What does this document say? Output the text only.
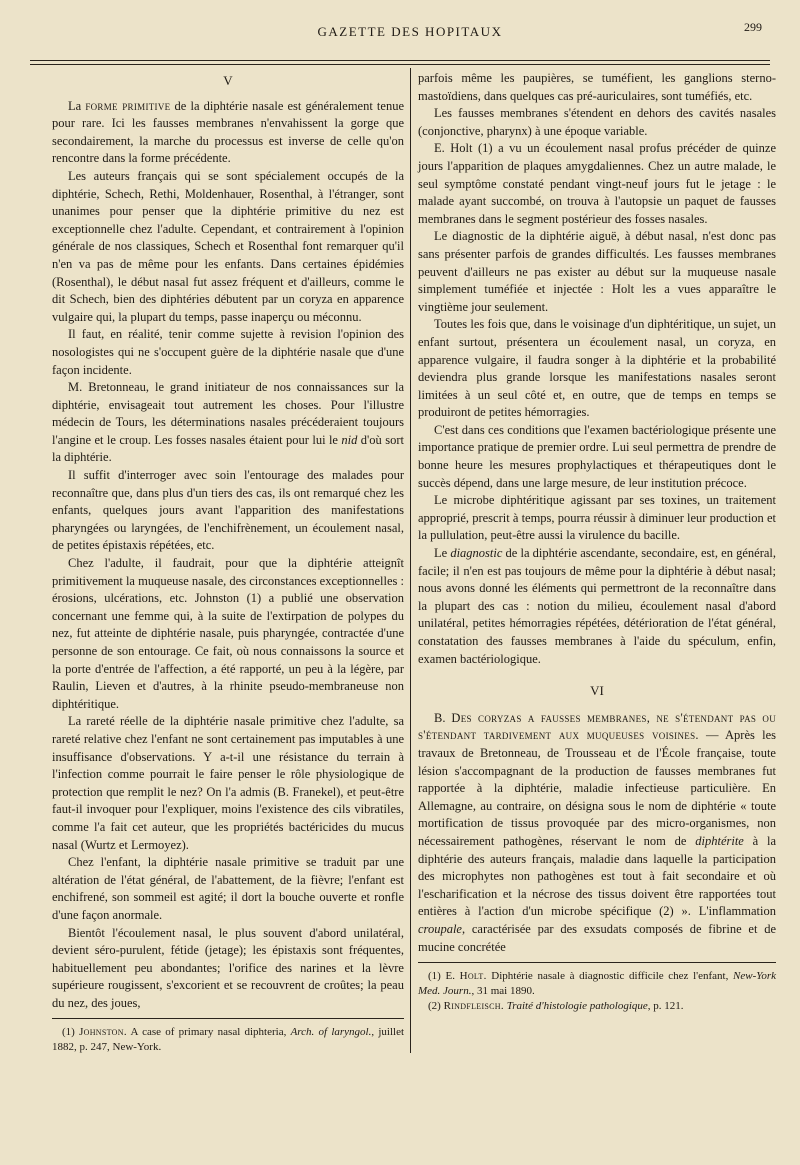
GAZETTE DES HOPITAUX	299
V

La forme primitive de la diphtérie nasale est généralement tenue pour rare. Ici les fausses membranes n'envahissent la gorge que secondairement, la marche du processus est inverse de celle qu'on rencontre dans la forme précédente.

Les auteurs français qui se sont spécialement occupés de la diphtérie, Schech, Rethi, Moldenhauer, Rosenthal, à l'étranger, sont unanimes pour penser que la diphtérie primitive du nez est exceptionnelle chez l'adulte. Cependant, et contrairement à l'opinion générale de nos classiques, Schech et Rosenthal font remarquer qu'il n'en va pas de même pour les enfants. Dans certaines épidémies (Rosenthal), le début nasal fut assez fréquent et d'ailleurs, comme le dit Schech, bien des diphtéries débutent par un coryza en apparence vulgaire qui, la plupart du temps, passe inaperçu ou méconnu.

Il faut, en réalité, tenir comme sujette à revision l'opinion des nosologistes qui ne s'occupent guère de la diphtérie nasale que d'une façon incidente.

M. Bretonneau, le grand initiateur de nos connaissances sur la diphtérie, envisageait tout autrement les choses. Pour l'illustre médecin de Tours, les déterminations nasales précéderaient toujours l'angine et le croup. Les fosses nasales étaient pour lui le nid d'où sort la diphtérie.

Il suffit d'interroger avec soin l'entourage des malades pour reconnaître que, dans plus d'un tiers des cas, ils ont remarqué chez les enfants, quelques jours avant l'apparition des manifestations pharyngées ou laryngées, de l'enchifrènement, un écoulement nasal, de petites épistaxis répétées, etc.

Chez l'adulte, il faudrait, pour que la diphtérie atteignît primitivement la muqueuse nasale, des circonstances exceptionnelles : érosions, ulcérations, etc. Johnston (1) a publié une observation concernant une femme qui, à la suite de l'extirpation de polypes du nez, fut atteinte de diphtérie nasale, puis pharyngée, contractée d'une personne de son entourage. Ce fait, où nous connaissons la source et la porte d'entrée de l'affection, a été rapporté, un peu à la légère, par Raulin, Lieven et d'autres, à la rhinite pseudo-membraneuse non diphtéritique.

La rareté réelle de la diphtérie nasale primitive chez l'adulte, sa rareté relative chez l'enfant ne sont certainement pas imputables à une insuffisance d'observations. Y a-t-il une résistance du terrain à l'infection comme pourrait le faire penser le rôle physiologique de protection que remplit le nez? On l'a admis (B. Franekel), et peut-être faut-il invoquer pour l'expliquer, moins l'existence des cils vibratiles, comme l'a fait cet auteur, que les propriétés bactéricides du mucus nasal (Wurtz et Lermoyez).

Chez l'enfant, la diphtérie nasale primitive se traduit par une altération de l'état général, de l'abattement, de la fièvre; l'enfant est enchifrené, son sommeil est agité; il dort la bouche ouverte et ronfle d'une façon anormale.

Bientôt l'écoulement nasal, le plus souvent d'abord unilatéral, devient séro-purulent, fétide (jetage); les épistaxis sont fréquentes, habituellement peu abondantes; l'orifice des narines et la lèvre supérieure rougissent, s'excorient et se recouvrent de croûtes; la peau du nez, des joues,

(1) Johnston. A case of primary nasal diphteria, Arch. of laryngol., juillet 1882, p. 247, New-York.

parfois même les paupières, se tuméfient, les ganglions sterno-mastoïdiens, dans quelques cas pré-auriculaires, sont tuméfiés, etc.

Les fausses membranes s'étendent en dehors des cavités nasales (conjonctive, pharynx) à une époque variable.

E. Holt (1) a vu un écoulement nasal profus précéder de quinze jours l'apparition de plaques amygdaliennes. Chez un autre malade, le seul symptôme constaté pendant vingt-neuf jours fut le jetage : le malade ayant succombé, on trouva à l'autopsie un paquet de fausses membranes dans le segment postérieur des fosses nasales.

Le diagnostic de la diphtérie aiguë, à début nasal, n'est donc pas sans présenter parfois de grandes difficultés. Les fausses membranes peuvent d'ailleurs ne pas exister au début sur la muqueuse nasale simplement tuméfiée et injectée : Holt les a vues apparaître le vingtième jour seulement.

Toutes les fois que, dans le voisinage d'un diphtéritique, un sujet, un enfant surtout, présentera un écoulement nasal, un coryza, en apparence vulgaire, il faudra songer à la diphtérie et la probabilité deviendra plus grande lorsque les manifestations nasales seront limitées à un seul côté et, en outre, que de temps en temps se produiront de petites hémorragies.

C'est dans ces conditions que l'examen bactériologique présente une importance pratique de premier ordre. Lui seul permettra de prendre de bonne heure les mesures prophylactiques et thérapeutiques dont le succès dépend, dans une large mesure, de leur institution précoce.

Le microbe diphtéritique agissant par ses toxines, un traitement approprié, prescrit à temps, pourra réussir à diminuer leur production et la pullulation, peut-être aussi la virulence du bacille.

Le diagnostic de la diphtérie ascendante, secondaire, est, en général, facile; il n'en est pas toujours de même pour la diphtérie à début nasal; nous avons donné les éléments qui permettront de la reconnaître dans la plupart des cas : notion du milieu, écoulement nasal d'abord unilatéral, petites hémorragies répétées, détérioration de l'état général, constatation des fausses membranes à l'aide du spéculum, enfin, examen bactériologique.

VI

B. Des coryzas a fausses membranes, ne s'étendant pas ou s'étendant tardivement aux muqueuses voisines. — Après les travaux de Bretonneau, de Trousseau et de l'École française, toute lésion s'accompagnant de la production de fausses membranes fut rapportée à la diphtérie, maladie infectieuse particulière. En Allemagne, au contraire, on désigna sous le nom de diphtérie « toute mortification de tissus provoquée par des micro-organismes, non nécessairement pathogènes, réservant le nom de diphtérite à la diphtérie des auteurs français, maladie dans laquelle la participation des microphytes non pathogènes est tout à fait secondaire et où l'escharification et la nécrose des tissus doivent être rapportées tout entières à l'action d'un microbe spécifique (2) ». L'inflammation croupale, caractérisée par des exsudats composés de fibrine et de mucine concrétée

(1) E. Holt. Diphtérie nasale à diagnostic difficile chez l'enfant, New-York Med. Journ., 31 mai 1890.

(2) Rindfleisch. Traité d'histologie pathologique, p. 121.
